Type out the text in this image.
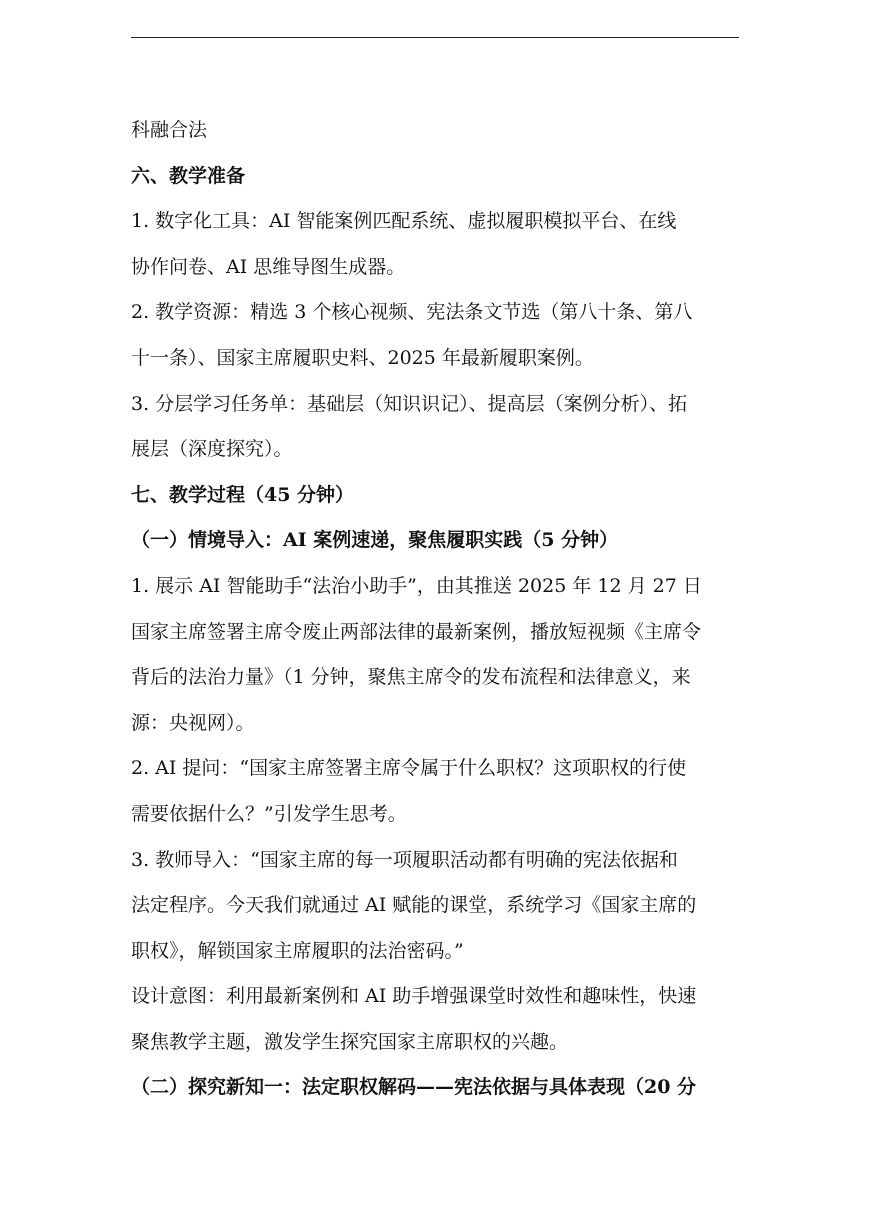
科融合法
六、教学准备
1. 数字化工具：AI 智能案例匹配系统、虚拟履职模拟平台、在线
协作问卷、AI 思维导图生成器。
2. 教学资源：精选 3 个核心视频、宪法条文节选（第八十条、第八
十一条）、国家主席履职史料、2025 年最新履职案例。
3. 分层学习任务单：基础层（知识识记）、提高层（案例分析）、拓
展层（深度探究）。
七、教学过程（45 分钟）
（一）情境导入：AI 案例速递，聚焦履职实践（5 分钟）
1. 展示 AI 智能助手“法治小助手”，由其推送 2025 年 12 月 27 日
国家主席签署主席令废止两部法律的最新案例，播放短视频《主席令
背后的法治力量》（1 分钟，聚焦主席令的发布流程和法律意义，来
源：央视网）。
2. AI 提问：“国家主席签署主席令属于什么职权？这项职权的行使
需要依据什么？”引发学生思考。
3. 教师导入：“国家主席的每一项履职活动都有明确的宪法依据和
法定程序。今天我们就通过 AI 赋能的课堂，系统学习《国家主席的
职权》，解锁国家主席履职的法治密码。”
设计意图：利用最新案例和 AI 助手增强课堂时效性和趣味性，快速
聚焦教学主题，激发学生探究国家主席职权的兴趣。
（二）探究新知一：法定职权解码——宪法依据与具体表现（20 分
